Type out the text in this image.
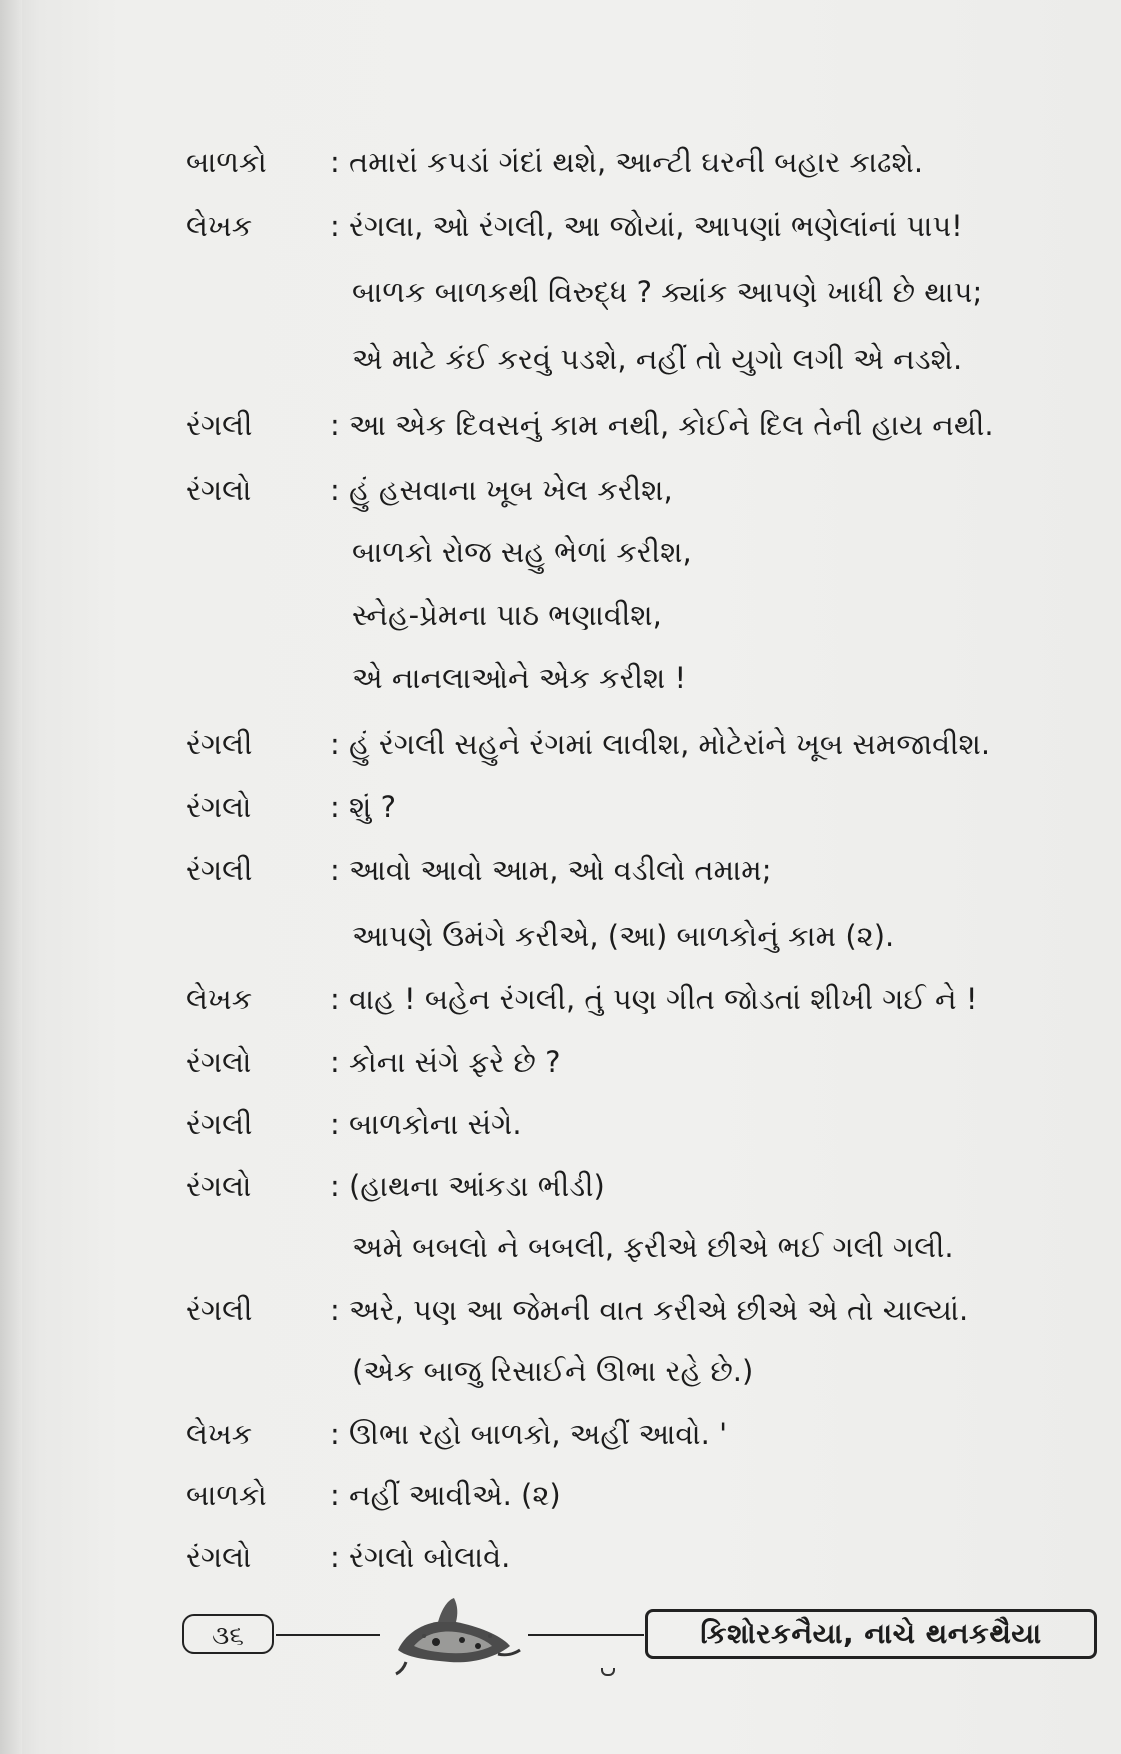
બાળકો	: તમારાં કપડાં ગંદાં થશે, આન્ટી ઘરની બહાર કાઢશે.
લેખક	: રંગલા, ઓ રંગલી, આ જોયાં, આપણાં ભણેલાંનાં પાપ!
બાળક બાળકથી વિરુદ્ધ ? ક્યાંક આપણે ખાધી છે થાપ;
એ માટે કંઈ કરવું પડશે, નહીં તો યુગો લગી એ નડશે.
રંગલી	: આ એક દિવસનું કામ નથી, કોઈને દિલ તેની હાય નથી.
રંગલો	: હું હસવાના ખૂબ ખેલ કરીશ,
બાળકો રોજ સહુ ભેળાં કરીશ,
સ્નેહ-પ્રેમના પાઠ ભણાવીશ,
એ નાનલાઓને એક કરીશ !
રંગલી	: હું રંગલી સહુને રંગમાં લાવીશ, મોટેરાંને ખૂબ સમજાવીશ.
રંગલો	: શું ?
રંગલી	: આવો આવો આમ, ઓ વડીલો તમામ;
આપણે ઉમંગે કરીએ, (આ) બાળકોનું કામ (૨).
લેખક	: વાહ ! બહેન રંગલી, તું પણ ગીત જોડતાં શીખી ગઈ ને !
રંગલો	: કોના સંગે ફરે છે ?
રંગલી	: બાળકોના સંગે.
રંગલો	: (હાથના આંકડા ભીડી)
અમે બબલો ને બબલી, ફરીએ છીએ ભઈ ગલી ગલી.
રંગલી	: અરે, પણ આ જેમની વાત કરીએ છીએ એ તો ચાલ્યાં.
(એક બાજુ રિસાઈને ઊભા રહે છે.)
લેખક	: ઊભા રહો બાળકો, અહીં આવો. '
બાળકો	: નહીં આવીએ. (૨)
રંગલો	: રંગલો બોલાવે.
૩૬	કિશોરકનૈયા, નાચે થનકથૈયા
